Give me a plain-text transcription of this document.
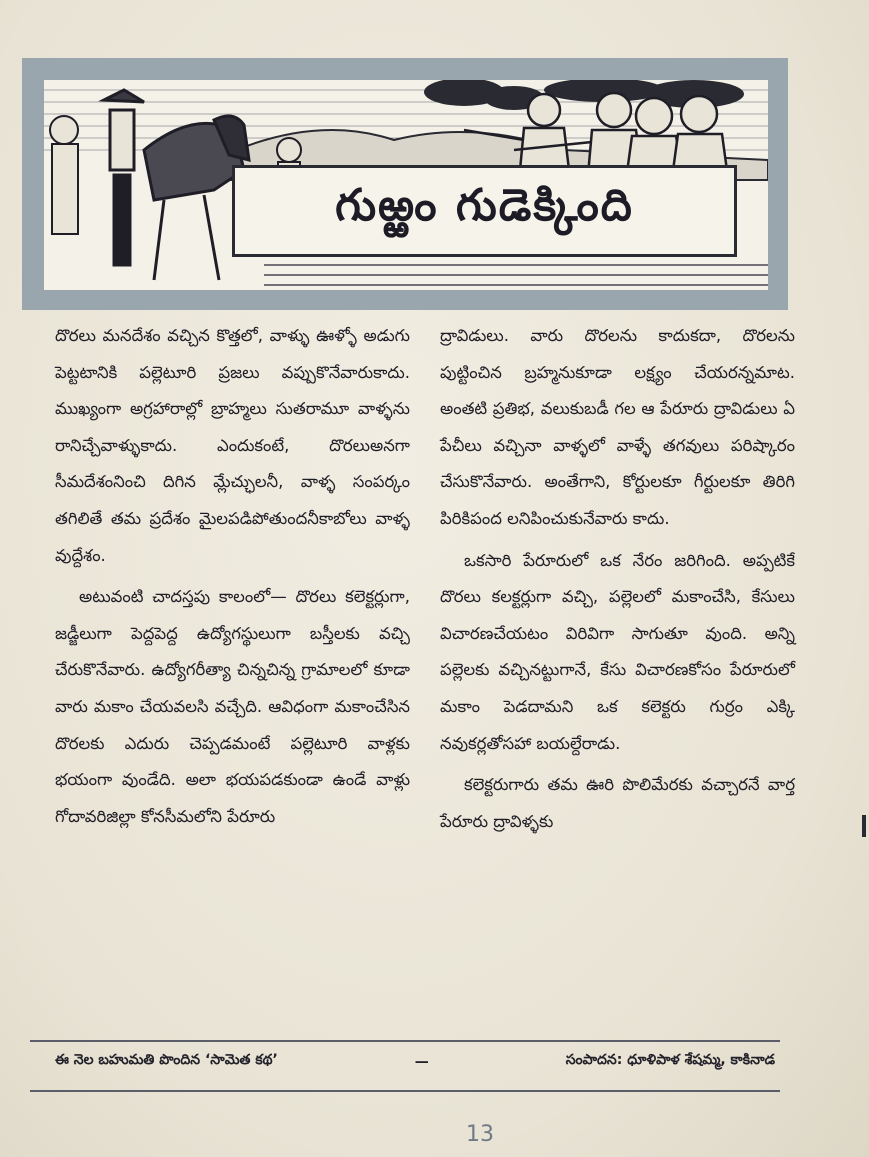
గుఱ్ఱం గుడెక్కింది

దొరలు మనదేశం వచ్చిన కొత్తలో, వాళ్ళు ఊళ్ళో అడుగు పెట్టటానికి పల్లెటూరి ప్రజలు వప్పుకొనేవారుకాదు. ముఖ్యంగా అగ్రహారాల్లో బ్రాహ్మలు సుతరామూ వాళ్ళను రానిచ్చేవాళ్ళుకాదు. ఎందుకంటే, దొరలుఅనగా సీమదేశంనించి దిగిన మ్లేచ్ఛులనీ, వాళ్ళ సంపర్కం తగిలితే తమ ప్రదేశం మైలపడిపోతుందనీకాబోలు వాళ్ళ వుద్దేశం.

అటువంటి చాదస్తపు కాలంలో— దొరలు కలెక్టర్లుగా, జడ్జీలుగా పెద్దపెద్ద ఉద్యోగస్థులుగా బస్తీలకు వచ్చి చేరుకొనేవారు. ఉద్యోగరీత్యా చిన్నచిన్న గ్రామాలలో కూడా వారు మకాం చేయవలసి వచ్చేది. ఆవిధంగా మకాంచేసిన దొరలకు ఎదురు చెప్పడమంటే పల్లెటూరి వాళ్లకు భయంగా వుండేది. అలా భయపడకుండా ఉండే వాళ్లు గోదావరిజిల్లా కోనసీమలోని పేరూరు

ద్రావిడులు. వారు దొరలను కాదుకదా, దొరలను పుట్టించిన బ్రహ్మనుకూడా లక్ష్యం చేయరన్నమాట. అంతటి ప్రతిభ, వలుకుబడీ గల ఆ పేరూరు ద్రావిడులు ఏ పేచీలు వచ్చినా వాళ్ళలో వాళ్ళే తగవులు పరిష్కారం చేసుకొనేవారు. అంతేగాని, కోర్టులకూ గీర్టులకూ తిరిగి పిరికిపంద లనిపించుకునేవారు కాదు.

ఒకసారి పేరూరులో ఒక నేరం జరిగింది. అప్పటికే దొరలు కలక్టర్లుగా వచ్చి, పల్లెలలో మకాంచేసి, కేసులు విచారణచేయటం విరివిగా సాగుతూ వుంది. అన్ని పల్లెలకు వచ్చినట్టుగానే, కేసు విచారణకోసం పేరూరులో మకాం పెడదామని ఒక కలెక్టరు గుర్రం ఎక్కి నవుకర్లతోసహా బయల్దేరాడు.

కలెక్టరుగారు తమ ఊరి పొలిమేరకు వచ్చారనే వార్త పేరూరు ద్రావిళ్ళకు

ఈ నెల బహుమతి పొందిన ‘సామెత కథ’	—	సంపాదన: ధూళిపాళ శేషమ్మ, కాకినాడ
13
